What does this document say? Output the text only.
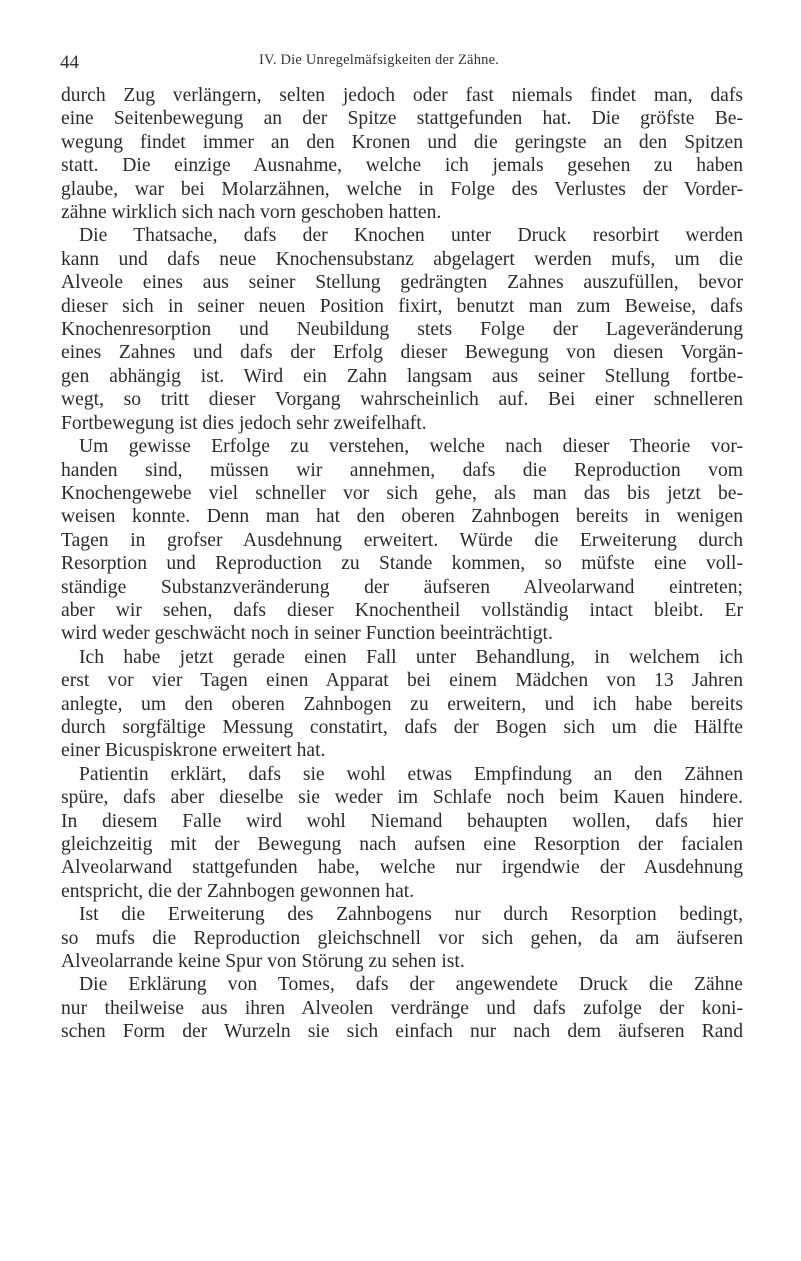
44	IV. Die Unregelmäfsigkeiten der Zähne.
durch Zug verlängern, selten jedoch oder fast niemals findet man, dafs
eine Seitenbewegung an der Spitze stattgefunden hat. Die gröfste Be-
wegung findet immer an den Kronen und die geringste an den Spitzen
statt. Die einzige Ausnahme, welche ich jemals gesehen zu haben
glaube, war bei Molarzähnen, welche in Folge des Verlustes der Vorder-
zähne wirklich sich nach vorn geschoben hatten.
Die Thatsache, dafs der Knochen unter Druck resorbirt werden
kann und dafs neue Knochensubstanz abgelagert werden mufs, um die
Alveole eines aus seiner Stellung gedrängten Zahnes auszufüllen, bevor
dieser sich in seiner neuen Position fixirt, benutzt man zum Beweise, dafs
Knochenresorption und Neubildung stets Folge der Lageveränderung
eines Zahnes und dafs der Erfolg dieser Bewegung von diesen Vorgän-
gen abhängig ist. Wird ein Zahn langsam aus seiner Stellung fortbe-
wegt, so tritt dieser Vorgang wahrscheinlich auf. Bei einer schnelleren
Fortbewegung ist dies jedoch sehr zweifelhaft.
Um gewisse Erfolge zu verstehen, welche nach dieser Theorie vor-
handen sind, müssen wir annehmen, dafs die Reproduction vom
Knochengewebe viel schneller vor sich gehe, als man das bis jetzt be-
weisen konnte. Denn man hat den oberen Zahnbogen bereits in wenigen
Tagen in grofser Ausdehnung erweitert. Würde die Erweiterung durch
Resorption und Reproduction zu Stande kommen, so müfste eine voll-
ständige Substanzveränderung der äufseren Alveolarwand eintreten;
aber wir sehen, dafs dieser Knochentheil vollständig intact bleibt. Er
wird weder geschwächt noch in seiner Function beeinträchtigt.
Ich habe jetzt gerade einen Fall unter Behandlung, in welchem ich
erst vor vier Tagen einen Apparat bei einem Mädchen von 13 Jahren
anlegte, um den oberen Zahnbogen zu erweitern, und ich habe bereits
durch sorgfältige Messung constatirt, dafs der Bogen sich um die Hälfte
einer Bicuspiskrone erweitert hat.
Patientin erklärt, dafs sie wohl etwas Empfindung an den Zähnen
spüre, dafs aber dieselbe sie weder im Schlafe noch beim Kauen hindere.
In diesem Falle wird wohl Niemand behaupten wollen, dafs hier
gleichzeitig mit der Bewegung nach aufsen eine Resorption der facialen
Alveolarwand stattgefunden habe, welche nur irgendwie der Ausdehnung
entspricht, die der Zahnbogen gewonnen hat.
Ist die Erweiterung des Zahnbogens nur durch Resorption bedingt,
so mufs die Reproduction gleichschnell vor sich gehen, da am äufseren
Alveolarrande keine Spur von Störung zu sehen ist.
Die Erklärung von Tomes, dafs der angewendete Druck die Zähne
nur theilweise aus ihren Alveolen verdränge und dafs zufolge der koni-
schen Form der Wurzeln sie sich einfach nur nach dem äufseren Rand
